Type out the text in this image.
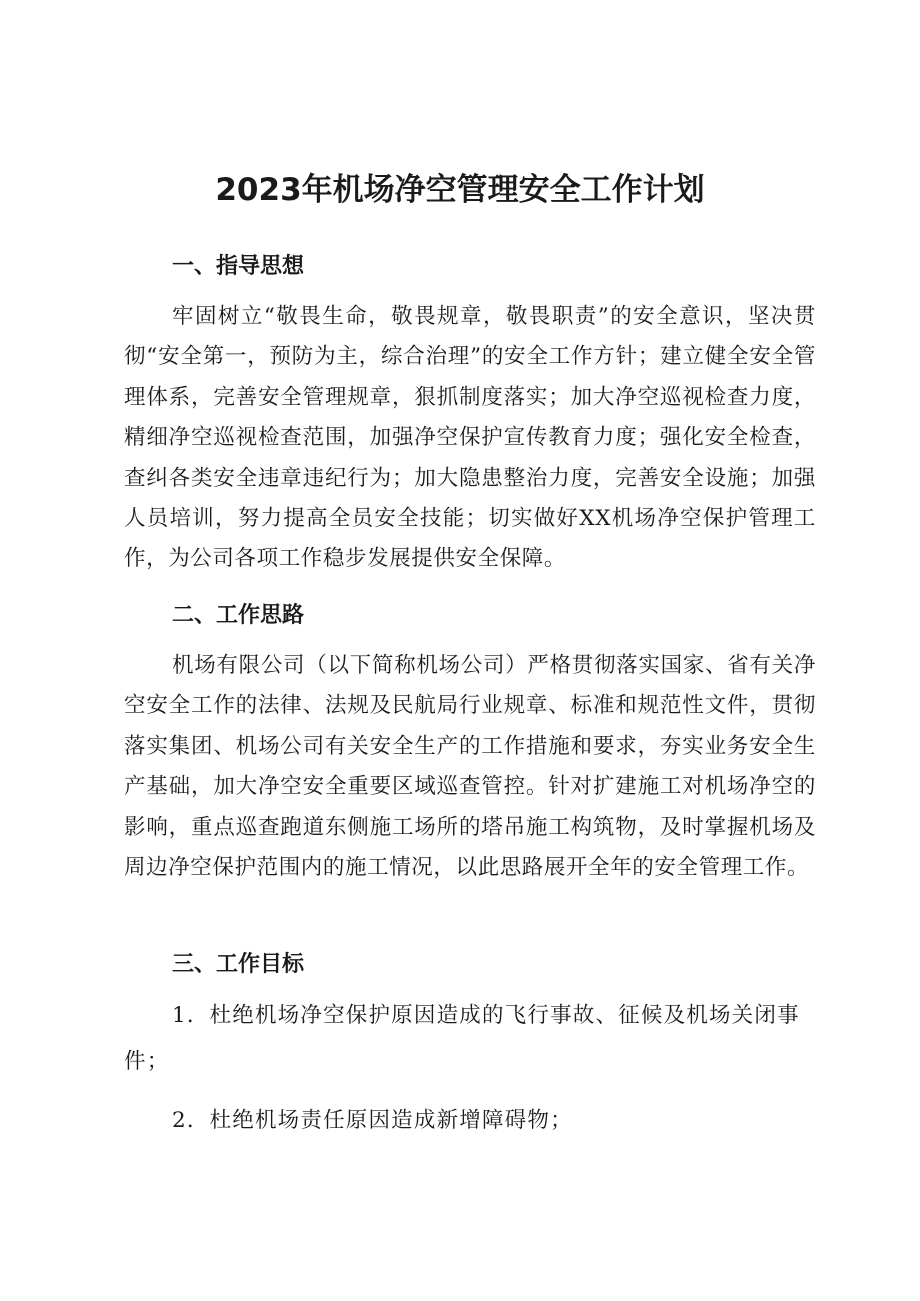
2023年机场净空管理安全工作计划
一、指导思想
牢固树立“敬畏生命，敬畏规章，敬畏职责”的安全意识，坚决贯彻“安全第一，预防为主，综合治理”的安全工作方针；建立健全安全管理体系，完善安全管理规章，狠抓制度落实；加大净空巡视检查力度，精细净空巡视检查范围，加强净空保护宣传教育力度；强化安全检查，查纠各类安全违章违纪行为；加大隐患整治力度，完善安全设施；加强人员培训，努力提高全员安全技能；切实做好XX机场净空保护管理工作，为公司各项工作稳步发展提供安全保障。
二、工作思路
机场有限公司（以下简称机场公司）严格贯彻落实国家、省有关净空安全工作的法律、法规及民航局行业规章、标准和规范性文件，贯彻落实集团、机场公司有关安全生产的工作措施和要求，夯实业务安全生产基础，加大净空安全重要区域巡查管控。针对扩建施工对机场净空的影响，重点巡查跑道东侧施工场所的塔吊施工构筑物，及时掌握机场及周边净空保护范围内的施工情况，以此思路展开全年的安全管理工作。
三、工作目标
1．杜绝机场净空保护原因造成的飞行事故、征候及机场关闭事件；
2．杜绝机场责任原因造成新增障碍物；
